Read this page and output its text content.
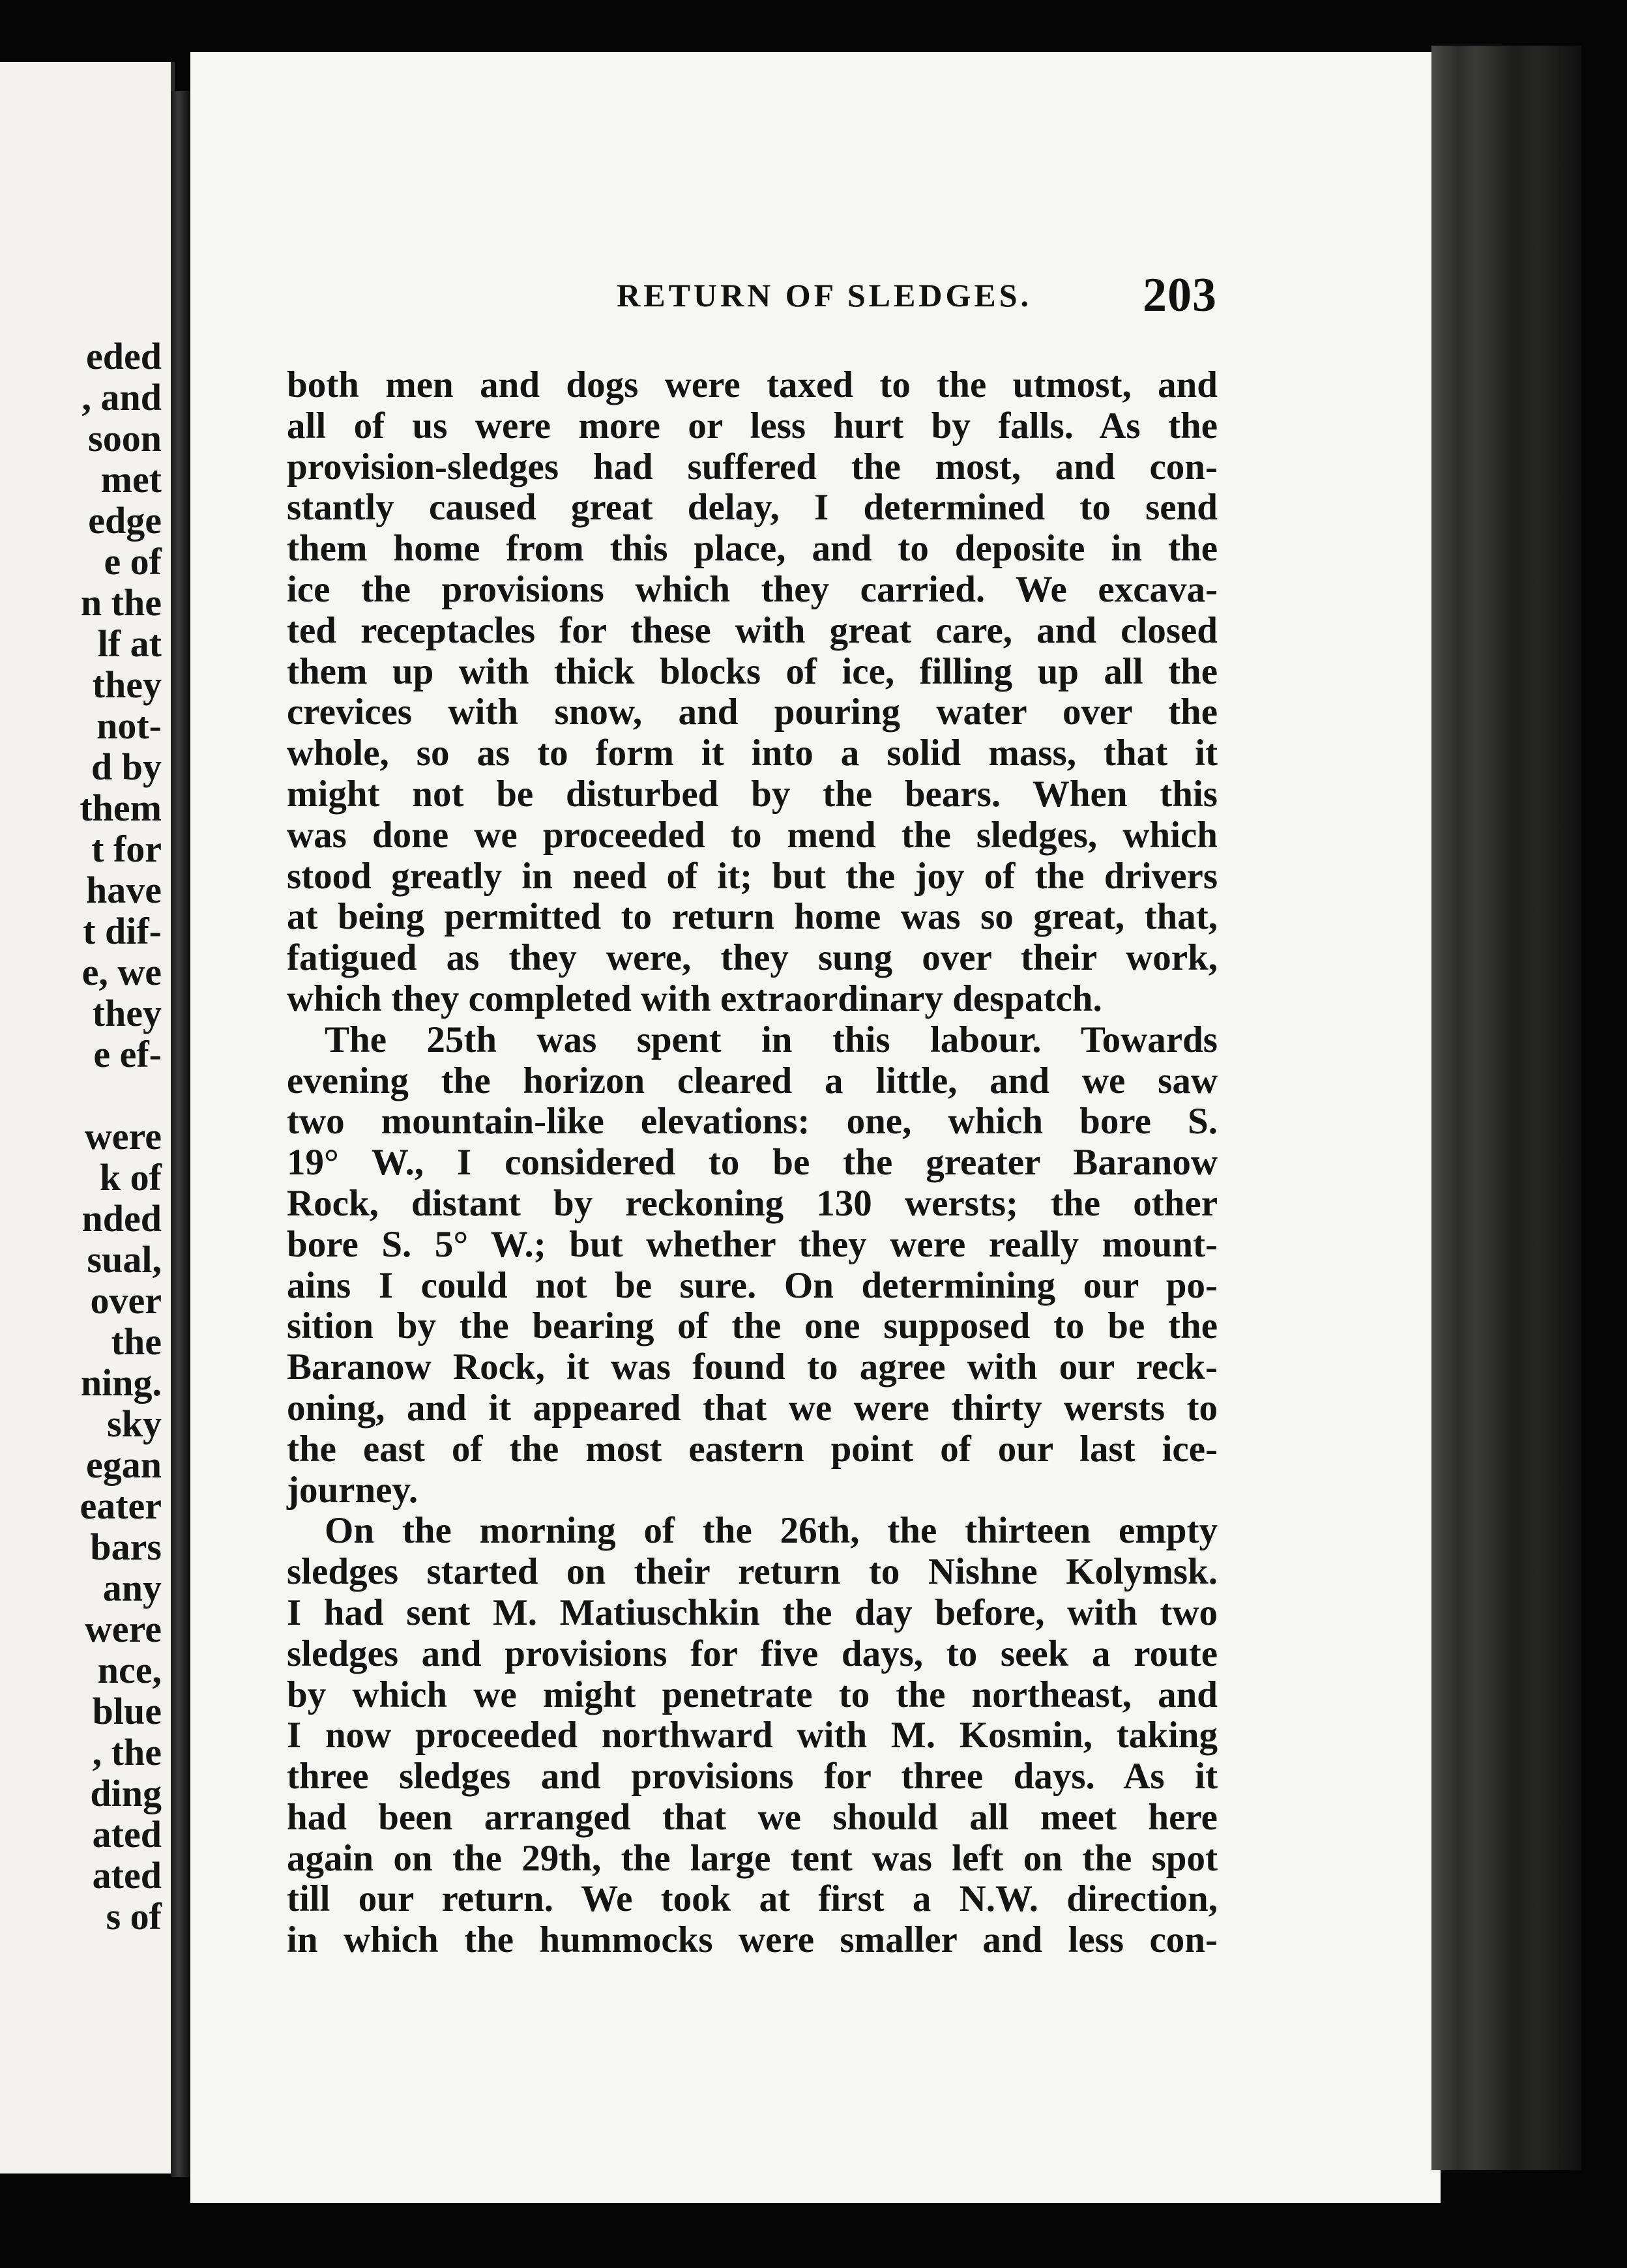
eded
, and
soon
met
edge
e of
n the
lf at
they
not-
d by
them
t for
have
t dif-
e, we
they
e ef-
were
k of
nded
sual,
over
the
ning.
sky
egan
eater
bars
any
were
nce,
blue
, the
ding
ated
ated
s of
RETURN OF SLEDGES. 203
both men and dogs were taxed to the utmost, and
all of us were more or less hurt by falls. As the
provision-sledges had suffered the most, and con-
stantly caused great delay, I determined to send
them home from this place, and to deposite in the
ice the provisions which they carried. We excava-
ted receptacles for these with great care, and closed
them up with thick blocks of ice, filling up all the
crevices with snow, and pouring water over the
whole, so as to form it into a solid mass, that it
might not be disturbed by the bears. When this
was done we proceeded to mend the sledges, which
stood greatly in need of it; but the joy of the drivers
at being permitted to return home was so great, that,
fatigued as they were, they sung over their work,
which they completed with extraordinary despatch.
The 25th was spent in this labour. Towards
evening the horizon cleared a little, and we saw
two mountain-like elevations: one, which bore S.
19° W., I considered to be the greater Baranow
Rock, distant by reckoning 130 wersts; the other
bore S. 5° W.; but whether they were really mount-
ains I could not be sure. On determining our po-
sition by the bearing of the one supposed to be the
Baranow Rock, it was found to agree with our reck-
oning, and it appeared that we were thirty wersts to
the east of the most eastern point of our last ice-
journey.
On the morning of the 26th, the thirteen empty
sledges started on their return to Nishne Kolymsk.
I had sent M. Matiuschkin the day before, with two
sledges and provisions for five days, to seek a route
by which we might penetrate to the northeast, and
I now proceeded northward with M. Kosmin, taking
three sledges and provisions for three days. As it
had been arranged that we should all meet here
again on the 29th, the large tent was left on the spot
till our return. We took at first a N.W. direction,
in which the hummocks were smaller and less con-
